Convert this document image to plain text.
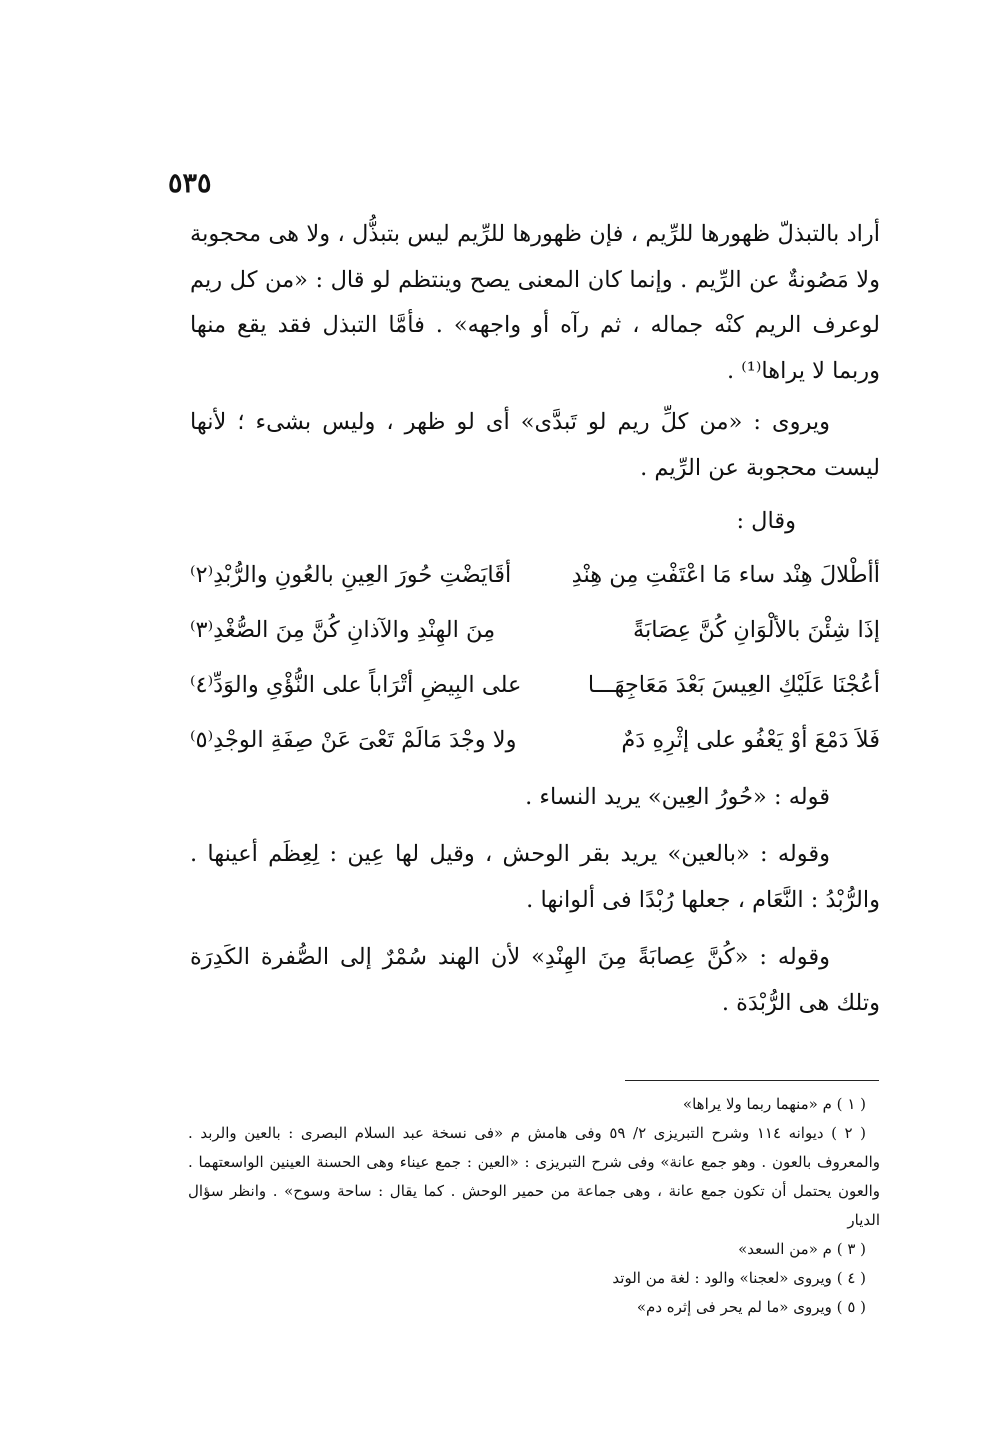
٥٣٥

أراد بالتبذلّ ظهورها للرِّيم ، فإن ظهورها للرِّيم ليس بتبذُّل ، ولا هى محجوبة ولا مَصُونةٌ عن الرِّيم . وإنما كان المعنى يصح وينتظم لو قال : «من كل ريم لوعرف الريم كنْه جماله ، ثم رآه أو واجهه» . فأمَّا التبذل فقد يقع منها وربما لا يراها⁽¹⁾ .

ويروى : «من كلِّ ريم لو تَبدَّى» أى لو ظهر ، وليس بشىء ؛ لأنها ليست محجوبة عن الرِّيم .

وقال :

أأطْلالَ هِنْد ساء مَا اعْتَفْتِ مِن هِنْدِ
أقَايَضْتِ حُورَ العِينِ بالعُونِ والرُّبْدِ⁽٢⁾
إذَا شِئْنَ بالألْوَانِ كُنَّ عِصَابَةً
مِنَ الهِنْدِ والآذانِ كُنَّ مِنَ الصُّغْدِ⁽٣⁾
أعُجْنَا عَلَيْكِ العِيسَ بَعْدَ مَعَاجِهَـــا
على البِيضِ أتْرَاباً على النُّؤْىِ والوَدِّ⁽٤⁾
فَلاَ دَمْعَ أوْ يَعْفُو على إثْرِهِ دَمٌ
ولا وجْدَ مَالَمْ تَعْىَ عَنْ صِفَةِ الوجْدِ⁽٥⁾

قوله : «حُورُ العِين» يريد النساء .

وقوله : «بالعين» يريد بقر الوحش ، وقيل لها عِين : لِعِظَم أعينها . والرُّبْدُ : النَّعَام ، جعلها رُبْدًا فى ألوانها .

وقوله : «كُنَّ عِصابَةً مِنَ الهِنْدِ» لأن الهند سُمْرٌ إلى الصُّفرة الكَدِرَة وتلك هى الرُّبْدَة .

( ١ ) م «منهما ربما ولا يراها»

( ٢ ) ديوانه ١١٤ وشرح التبريزى ٢/ ٥٩ وفى هامش م «فى نسخة عبد السلام البصرى : بالعين والربد . والمعروف بالعون . وهو جمع عانة» وفى شرح التبريزى : «العين : جمع عيناء وهى الحسنة العينين الواسعتهما . والعون يحتمل أن تكون جمع عانة ، وهى جماعة من حمير الوحش . كما يقال : ساحة وسوح» . وانظر سؤال الديار

( ٣ ) م «من السعد»

( ٤ ) ويروى «لعجنا» والود : لغة من الوتد

( ٥ ) ويروى «ما لم يحر فى إثره دم»
